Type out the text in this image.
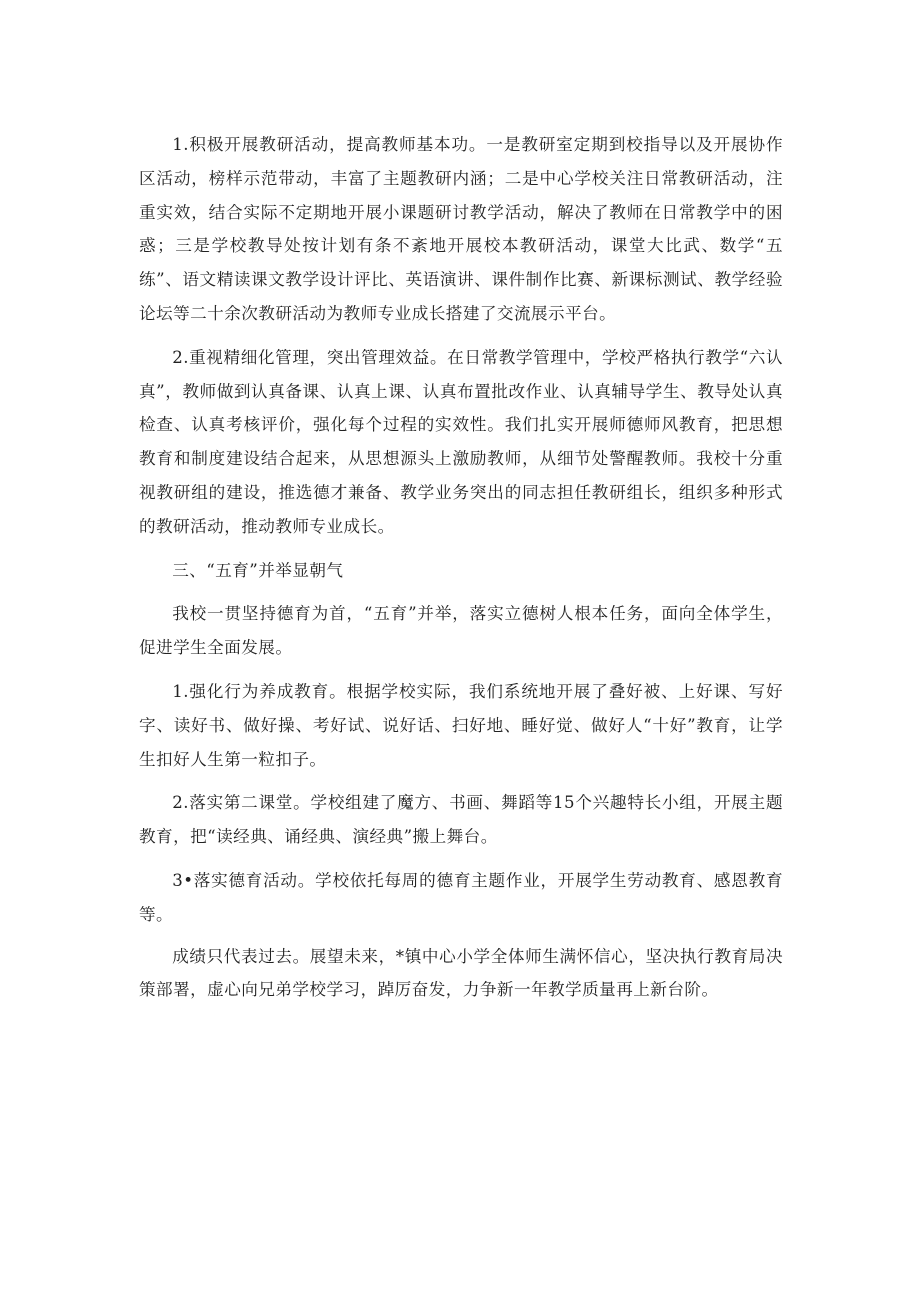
1.积极开展教研活动，提高教师基本功。一是教研室定期到校指导以及开展协作区活动，榜样示范带动，丰富了主题教研内涵；二是中心学校关注日常教研活动，注重实效，结合实际不定期地开展小课题研讨教学活动，解决了教师在日常教学中的困惑；三是学校教导处按计划有条不紊地开展校本教研活动，课堂大比武、数学“五练”、语文精读课文教学设计评比、英语演讲、课件制作比赛、新课标测试、教学经验论坛等二十余次教研活动为教师专业成长搭建了交流展示平台。

2.重视精细化管理，突出管理效益。在日常教学管理中，学校严格执行教学“六认真”，教师做到认真备课、认真上课、认真布置批改作业、认真辅导学生、教导处认真检查、认真考核评价，强化每个过程的实效性。我们扎实开展师德师风教育，把思想教育和制度建设结合起来，从思想源头上激励教师，从细节处警醒教师。我校十分重视教研组的建设，推选德才兼备、教学业务突出的同志担任教研组长，组织多种形式的教研活动，推动教师专业成长。

三、“五育”并举显朝气

我校一贯坚持德育为首，“五育”并举，落实立德树人根本任务，面向全体学生，促进学生全面发展。

1.强化行为养成教育。根据学校实际，我们系统地开展了叠好被、上好课、写好字、读好书、做好操、考好试、说好话、扫好地、睡好觉、做好人“十好”教育，让学生扣好人生第一粒扣子。

2.落实第二课堂。学校组建了魔方、书画、舞蹈等15个兴趣特长小组，开展主题教育，把“读经典、诵经典、演经典”搬上舞台。

3•落实德育活动。学校依托每周的德育主题作业，开展学生劳动教育、感恩教育等。

成绩只代表过去。展望未来，*镇中心小学全体师生满怀信心，坚决执行教育局决策部署，虚心向兄弟学校学习，踔厉奋发，力争新一年教学质量再上新台阶。
